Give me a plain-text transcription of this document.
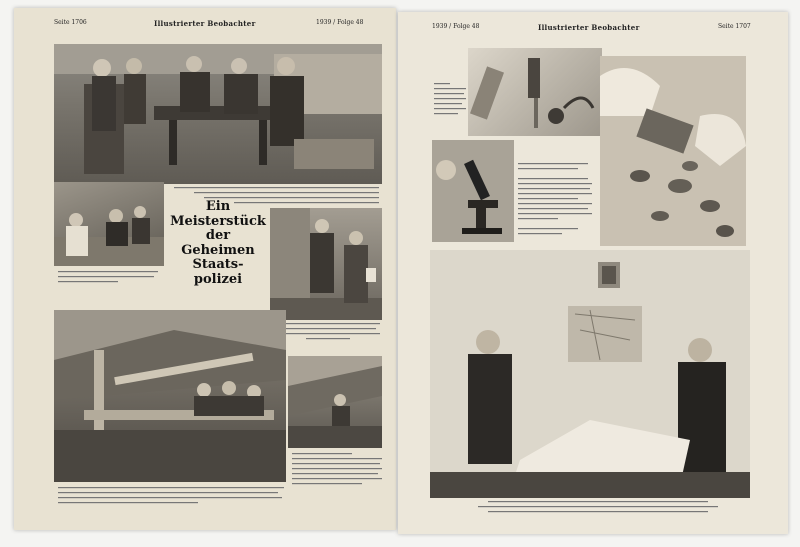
Seite 1706	Illustrierter Beobachter	1939 / Folge 48
Ein
Meisterstück
der
Geheimen
Staats-
polizei
1939 / Folge 48	Illustrierter Beobachter	Seite 1707
